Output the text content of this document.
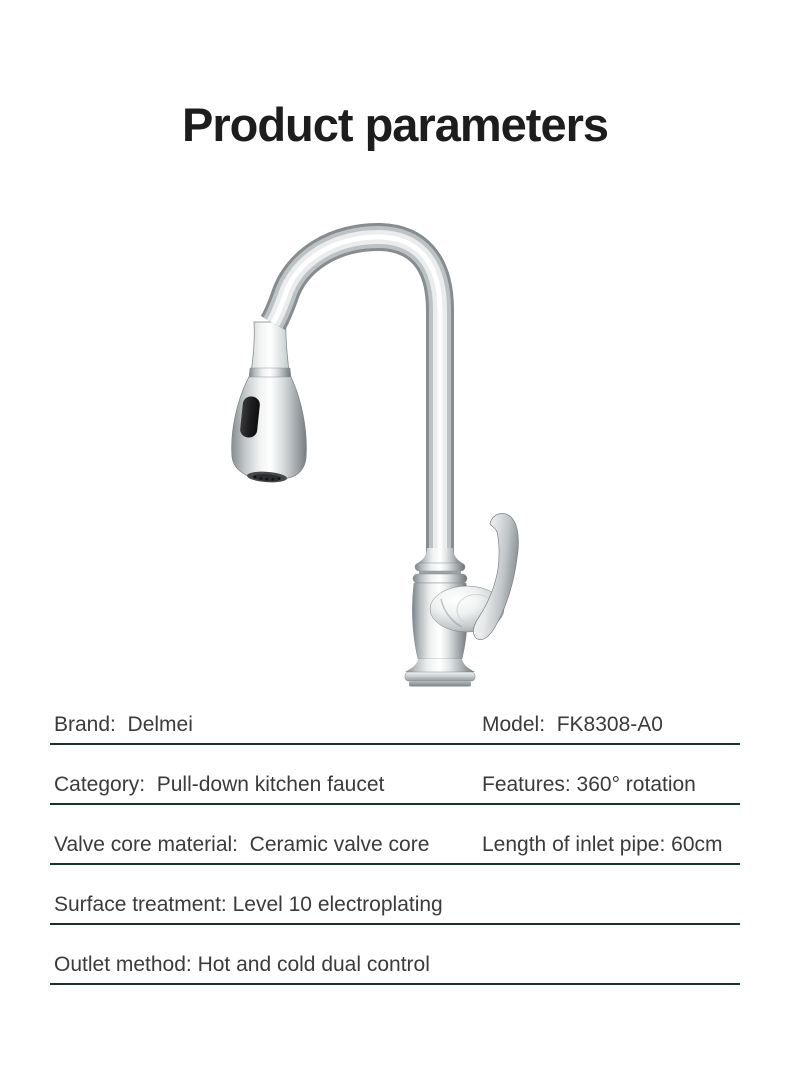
Product parameters
Brand:  Delmei	Model:  FK8308-A0
Category:  Pull-down kitchen faucet	Features: 360° rotation
Valve core material:  Ceramic valve core	Length of inlet pipe: 60cm
Surface treatment: Level 10 electroplating
Outlet method: Hot and cold dual control
